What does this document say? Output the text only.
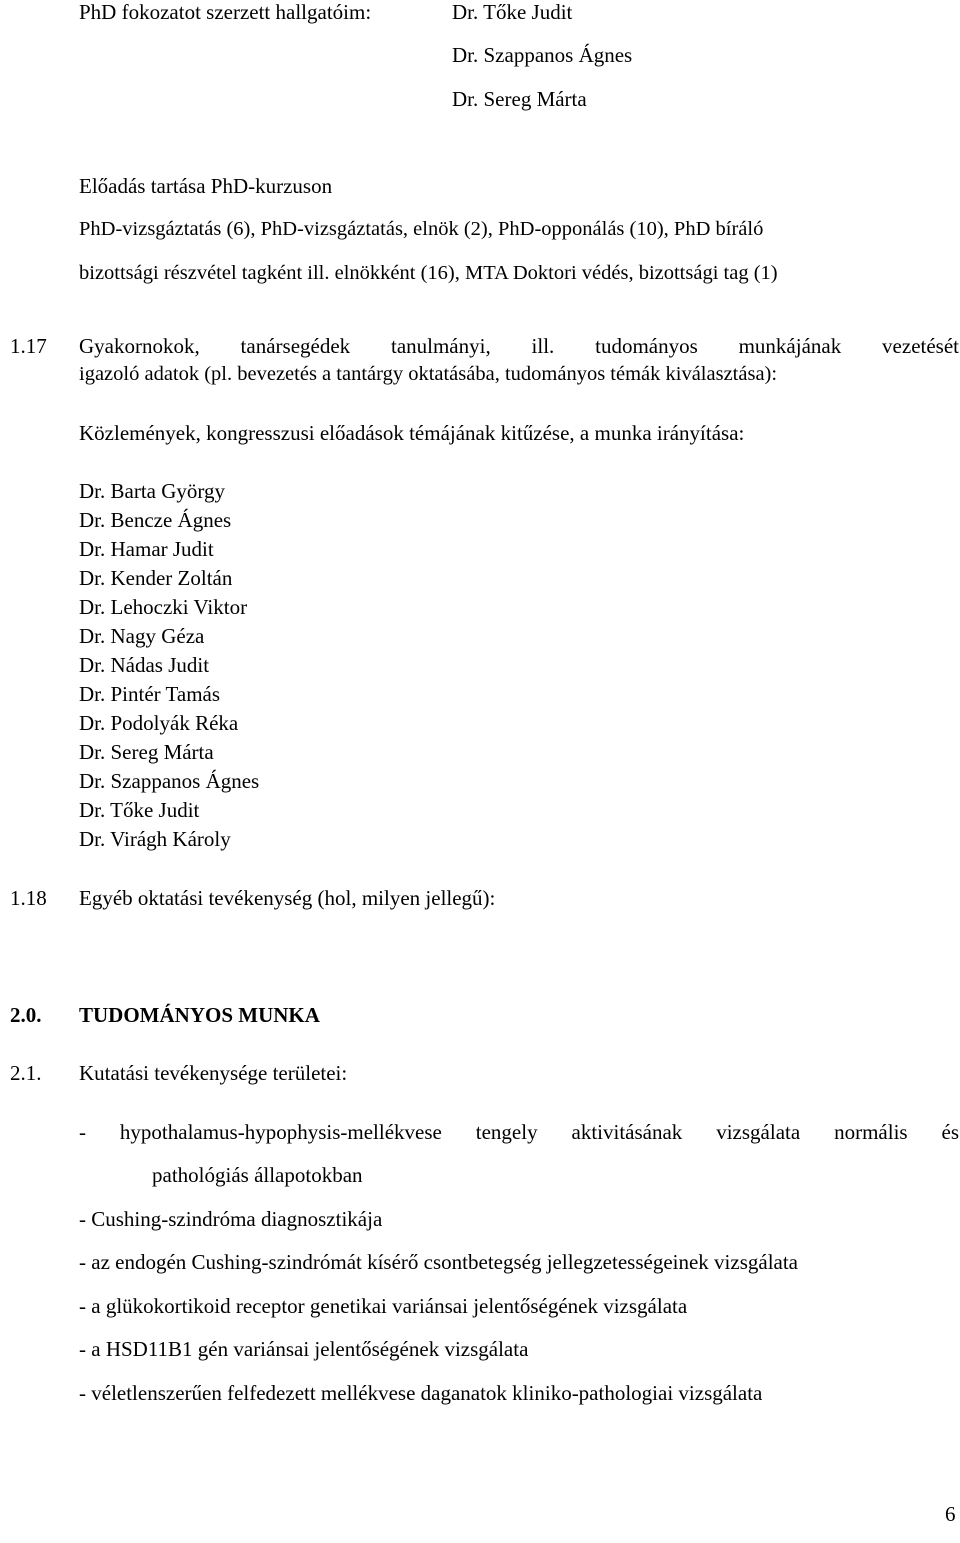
PhD fokozatot szerzett hallgatóim:	Dr. Tőke Judit
Dr. Szappanos Ágnes
Dr. Sereg Márta
Előadás tartása PhD-kurzuson
PhD-vizsgáztatás (6), PhD-vizsgáztatás, elnök (2), PhD-opponálás (10), PhD bíráló
bizottsági részvétel tagként ill. elnökként (16), MTA Doktori védés, bizottsági tag (1)
1.17 Gyakornokok, tanársegédek tanulmányi, ill. tudományos munkájának vezetését
igazoló adatok (pl. bevezetés a tantárgy oktatásába, tudományos témák kiválasztása):
Közlemények, kongresszusi előadások témájának kitűzése, a munka irányítása:
Dr. Barta György
Dr. Bencze Ágnes
Dr. Hamar Judit
Dr. Kender Zoltán
Dr. Lehoczki Viktor
Dr. Nagy Géza
Dr. Nádas Judit
Dr. Pintér Tamás
Dr. Podolyák Réka
Dr. Sereg Márta
Dr. Szappanos Ágnes
Dr. Tőke Judit
Dr. Virágh Károly
1.18 Egyéb oktatási tevékenység (hol, milyen jellegű):
2.0. TUDOMÁNYOS MUNKA
2.1. Kutatási tevékenysége területei:
- hypothalamus-hypophysis-mellékvese tengely aktivitásának vizsgálata normális és
pathológiás állapotokban
- Cushing-szindróma diagnosztikája
- az endogén Cushing-szindrómát kísérő csontbetegség jellegzetességeinek vizsgálata
- a glükokortikoid receptor genetikai variánsai jelentőségének vizsgálata
- a HSD11B1 gén variánsai jelentőségének vizsgálata
- véletlenszerűen felfedezett mellékvese daganatok kliniko-pathologiai vizsgálata
6
